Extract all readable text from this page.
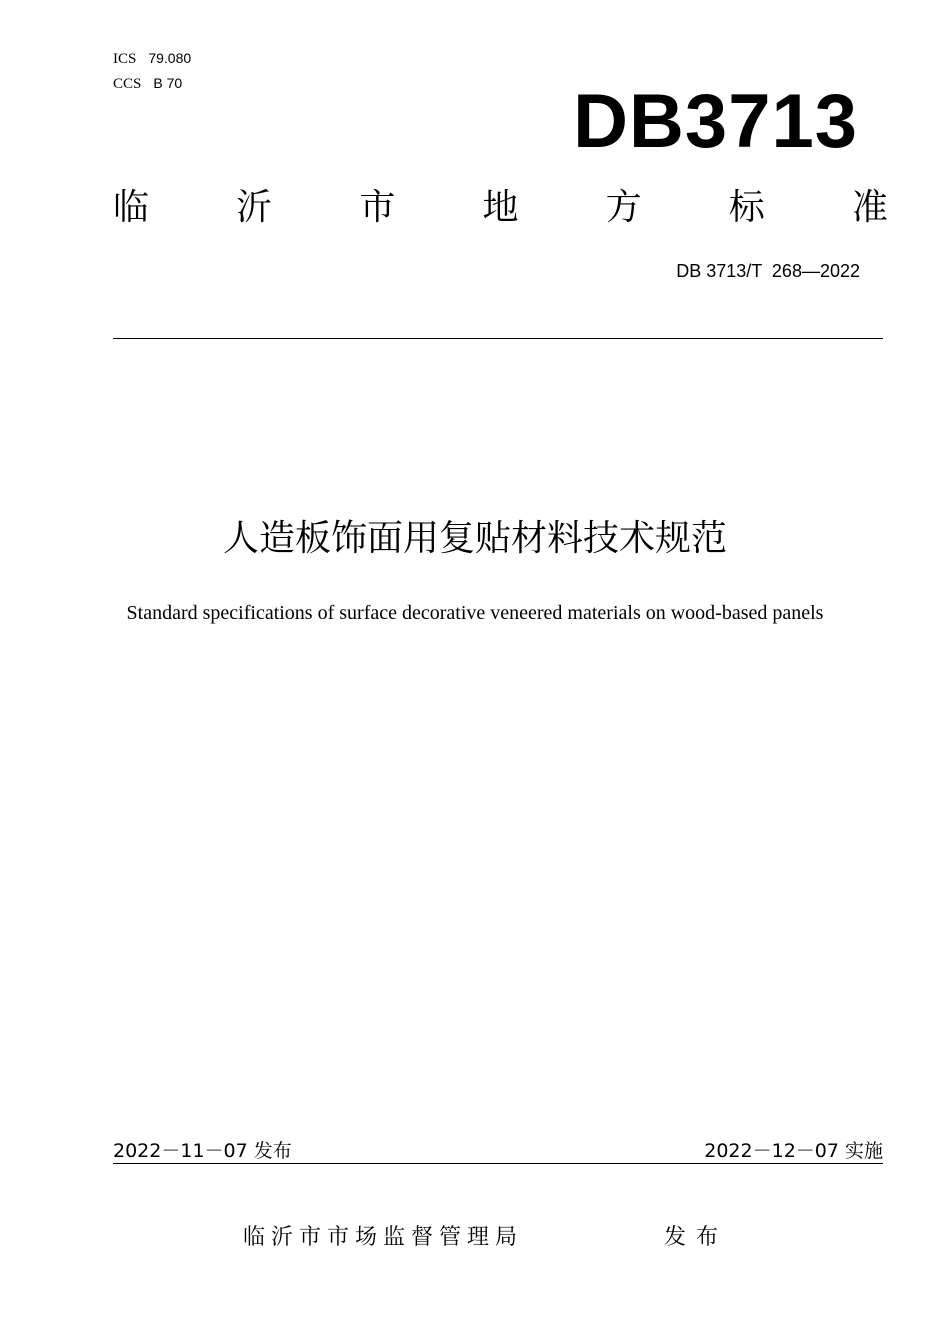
ICS 79.080
CCS B 70	DB3713
临 沂 市 地 方 标 准
DB 3713/T  268—2022
人造板饰面用复贴材料技术规范
Standard specifications of surface decorative veneered materials on wood-based panels
2022－11－07 发布	2022－12－07 实施
临沂市市场监督管理局	发布
